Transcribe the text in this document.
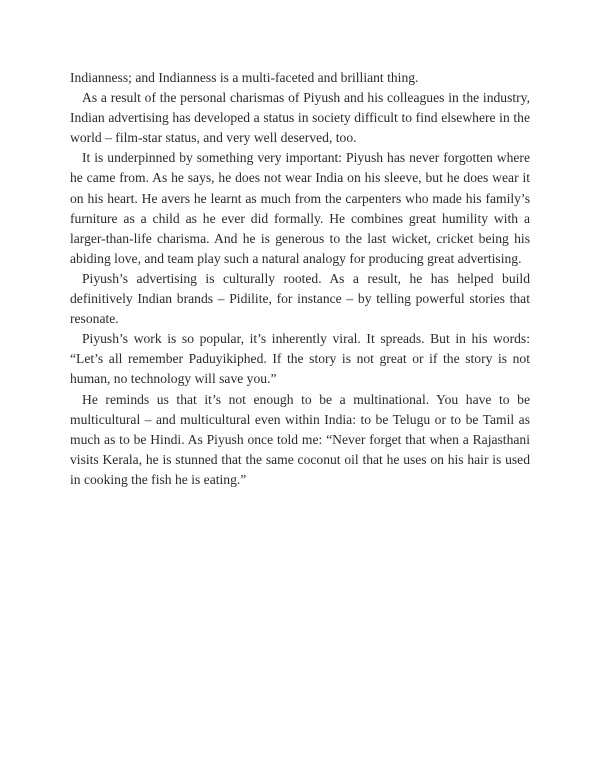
Indianness; and Indianness is a multi-faceted and brilliant thing.

As a result of the personal charismas of Piyush and his colleagues in the industry, Indian advertising has developed a status in society difficult to find elsewhere in the world – film-star status, and very well deserved, too.

It is underpinned by something very important: Piyush has never forgotten where he came from. As he says, he does not wear India on his sleeve, but he does wear it on his heart. He avers he learnt as much from the carpenters who made his family’s furniture as a child as he ever did formally. He combines great humility with a larger-than-life charisma. And he is generous to the last wicket, cricket being his abiding love, and team play such a natural analogy for producing great advertising.

Piyush’s advertising is culturally rooted. As a result, he has helped build definitively Indian brands – Pidilite, for instance – by telling powerful stories that resonate.

Piyush’s work is so popular, it’s inherently viral. It spreads. But in his words: “Let’s all remember Paduyikiphed. If the story is not great or if the story is not human, no technology will save you.”

He reminds us that it’s not enough to be a multinational. You have to be multicultural – and multicultural even within India: to be Telugu or to be Tamil as much as to be Hindi. As Piyush once told me: “Never forget that when a Rajasthani visits Kerala, he is stunned that the same coconut oil that he uses on his hair is used in cooking the fish he is eating.”
